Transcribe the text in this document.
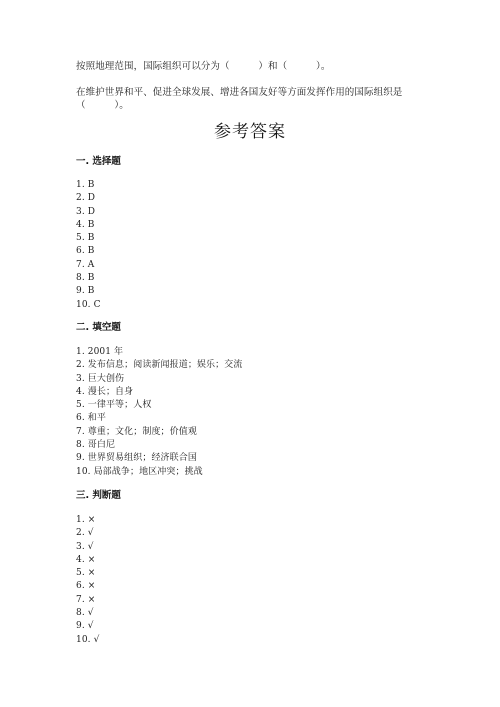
按照地理范围，国际组织可以分为（　　　）和（　　　）。
在维护世界和平、促进全球发展、增进各国友好等方面发挥作用的国际组织是
（　　　）。
参考答案
一. 选择题
1. B
2. D
3. D
4. B
5. B
6. B
7. A
8. B
9. B
10. C
二. 填空题
1. 2001 年
2. 发布信息；阅读新闻报道；娱乐；交流
3. 巨大创伤
4. 漫长；自身
5. 一律平等；人权
6. 和平
7. 尊重；文化；制度；价值观
8. 哥白尼
9. 世界贸易组织；经济联合国
10. 局部战争；地区冲突；挑战
三. 判断题
1. ×
2. √
3. √
4. ×
5. ×
6. ×
7. ×
8. √
9. √
10. √
